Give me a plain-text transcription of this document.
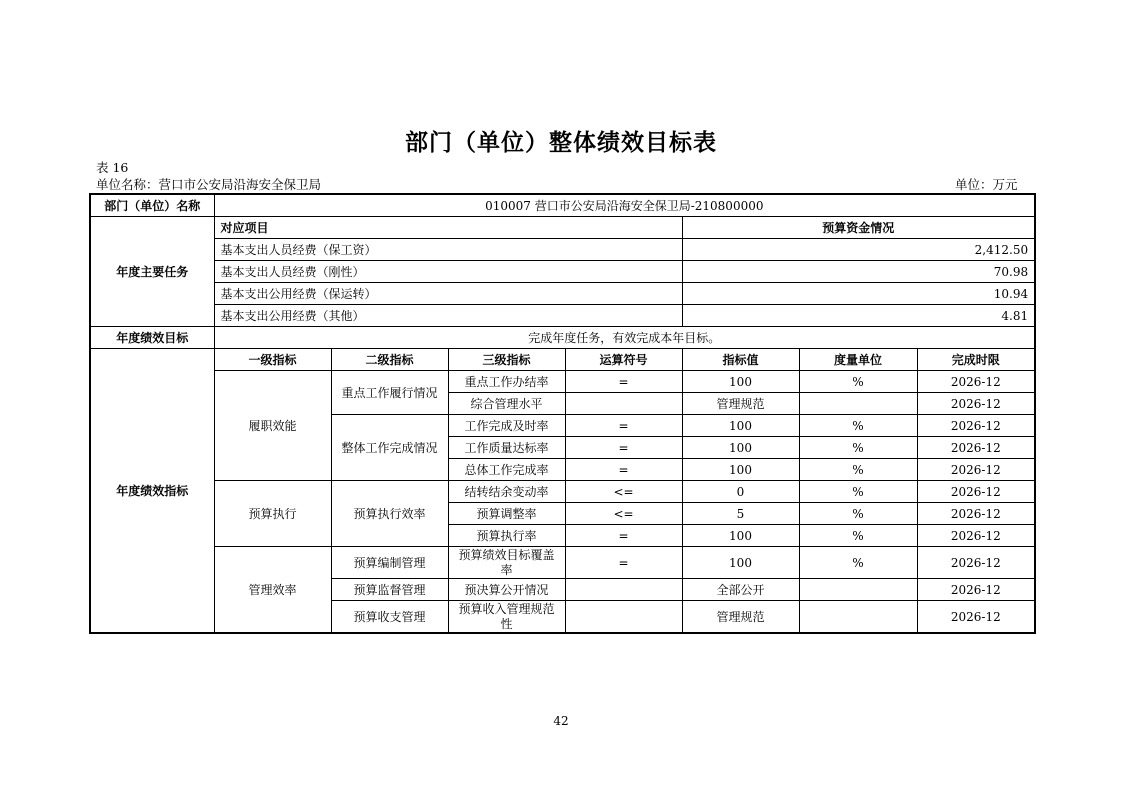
部门（单位）整体绩效目标表
表 16
单位名称：营口市公安局沿海安全保卫局	单位：万元
部门（单位）名称	010007 营口市公安局沿海安全保卫局-210800000						
年度主要任务	对应项目				预算资金情况		
	基本支出人员经费（保工资）				2,412.50		
	基本支出人员经费（刚性）				70.98		
	基本支出公用经费（保运转）				10.94		
	基本支出公用经费（其他）				4.81		
年度绩效目标	完成年度任务，有效完成本年目标。						
年度绩效指标	一级指标	二级指标	三级指标	运算符号	指标值	度量单位	完成时限
	履职效能	重点工作履行情况	重点工作办结率	=	100	%	2026-12
			综合管理水平		管理规范		2026-12
		整体工作完成情况	工作完成及时率	=	100	%	2026-12
			工作质量达标率	=	100	%	2026-12
			总体工作完成率	=	100	%	2026-12
	预算执行	预算执行效率	结转结余变动率	<=	0	%	2026-12
			预算调整率	<=	5	%	2026-12
			预算执行率	=	100	%	2026-12
	管理效率	预算编制管理	预算绩效目标覆盖率	=	100	%	2026-12
		预算监督管理	预决算公开情况		全部公开		2026-12
		预算收支管理	预算收入管理规范性		管理规范		2026-12
42
